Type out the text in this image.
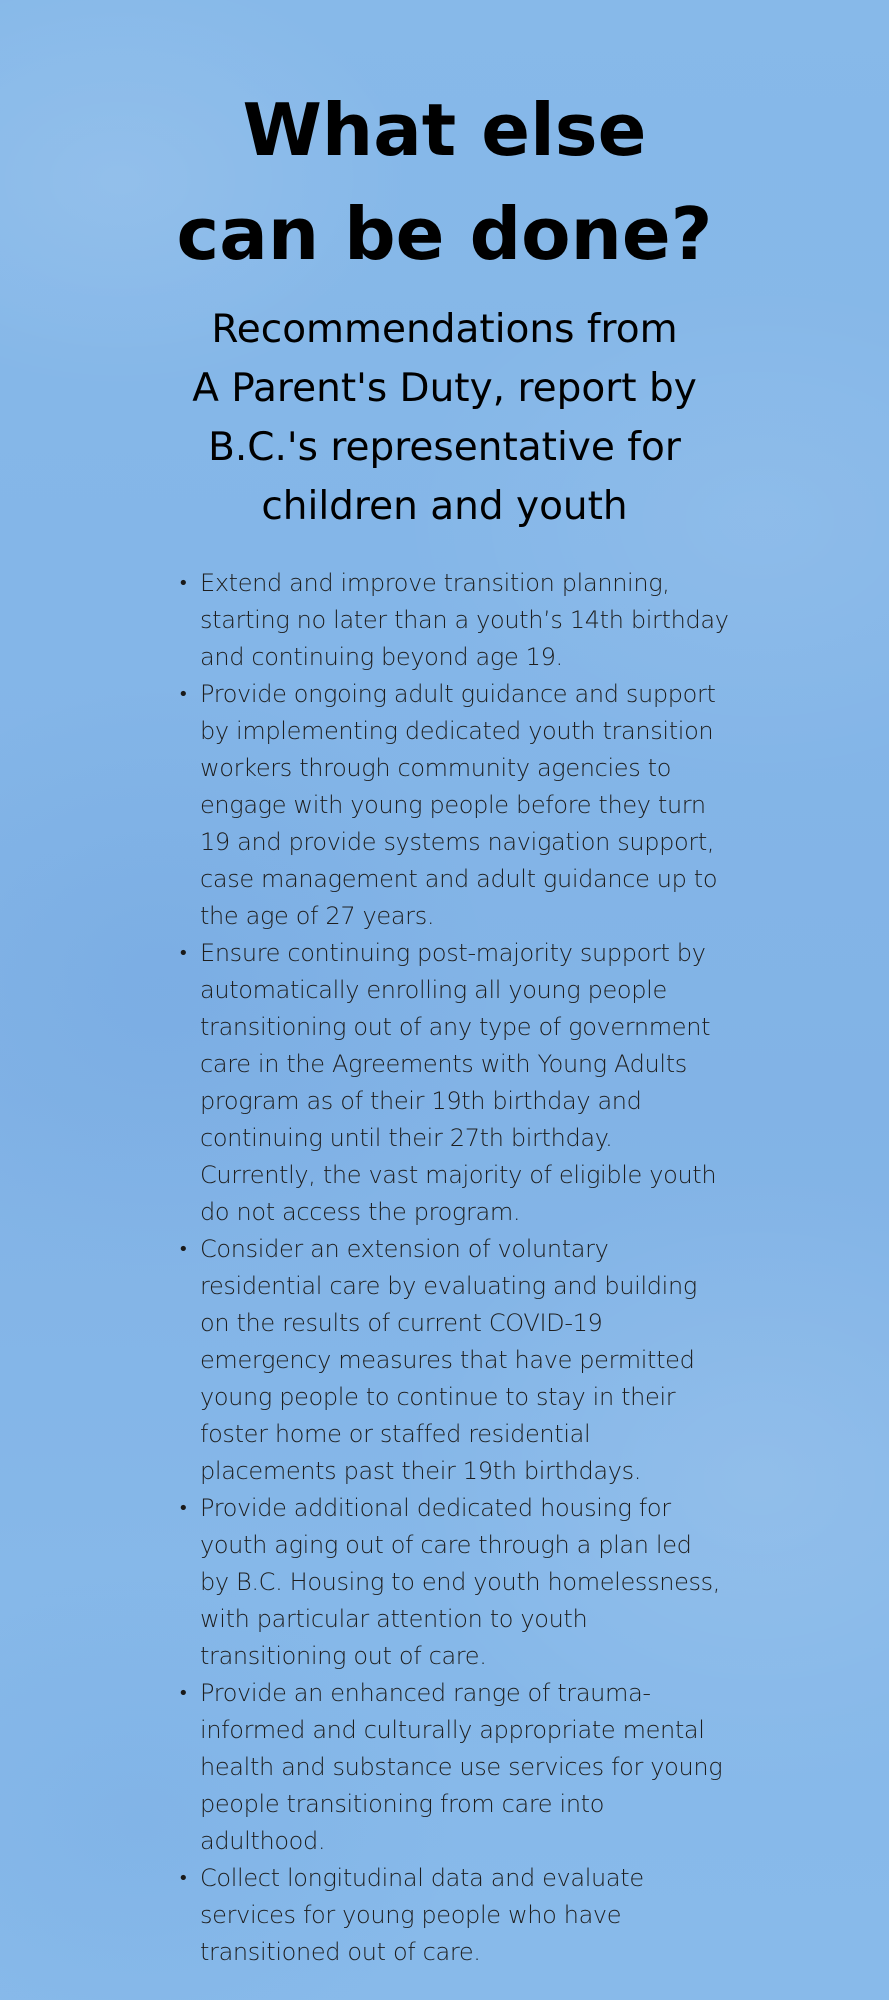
What else
can be done?

Recommendations from
A Parent's Duty, report by
B.C.'s representative for
children and youth

• Extend and improve transition planning,
starting no later than a youth’s 14th birthday
and continuing beyond age 19.
• Provide ongoing adult guidance and support
by implementing dedicated youth transition
workers through community agencies to
engage with young people before they turn
19 and provide systems navigation support,
case management and adult guidance up to
the age of 27 years.
• Ensure continuing post-majority support by
automatically enrolling all young people
transitioning out of any type of government
care in the Agreements with Young Adults
program as of their 19th birthday and
continuing until their 27th birthday.
Currently, the vast majority of eligible youth
do not access the program.
• Consider an extension of voluntary
residential care by evaluating and building
on the results of current COVID-19
emergency measures that have permitted
young people to continue to stay in their
foster home or staffed residential
placements past their 19th birthdays.
• Provide additional dedicated housing for
youth aging out of care through a plan led
by B.C. Housing to end youth homelessness,
with particular attention to youth
transitioning out of care.
• Provide an enhanced range of trauma-
informed and culturally appropriate mental
health and substance use services for young
people transitioning from care into
adulthood.
• Collect longitudinal data and evaluate
services for young people who have
transitioned out of care.
